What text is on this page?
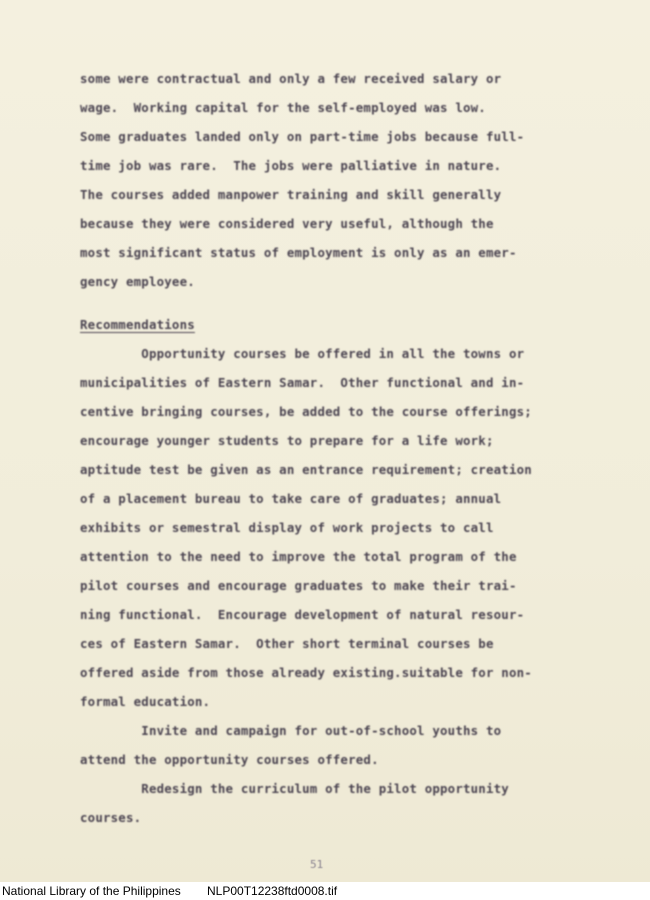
some were contractual and only a few received salary or
wage.  Working capital for the self-employed was low.
Some graduates landed only on part-time jobs because full-
time job was rare.  The jobs were palliative in nature.
The courses added manpower training and skill generally
because they were considered very useful, although the
most significant status of employment is only as an emer-
gency employee.
Recommendations
Opportunity courses be offered in all the towns or
municipalities of Eastern Samar.  Other functional and in-
centive bringing courses, be added to the course offerings;
encourage younger students to prepare for a life work;
aptitude test be given as an entrance requirement; creation
of a placement bureau to take care of graduates; annual
exhibits or semestral display of work projects to call
attention to the need to improve the total program of the
pilot courses and encourage graduates to make their trai-
ning functional.  Encourage development of natural resour-
ces of Eastern Samar.  Other short terminal courses be
offered aside from those already existing.suitable for non-
formal education.
Invite and campaign for out-of-school youths to
attend the opportunity courses offered.
Redesign the curriculum of the pilot opportunity
courses.
51
National Library of the Philippines NLP00T12238ftd0008.tif
